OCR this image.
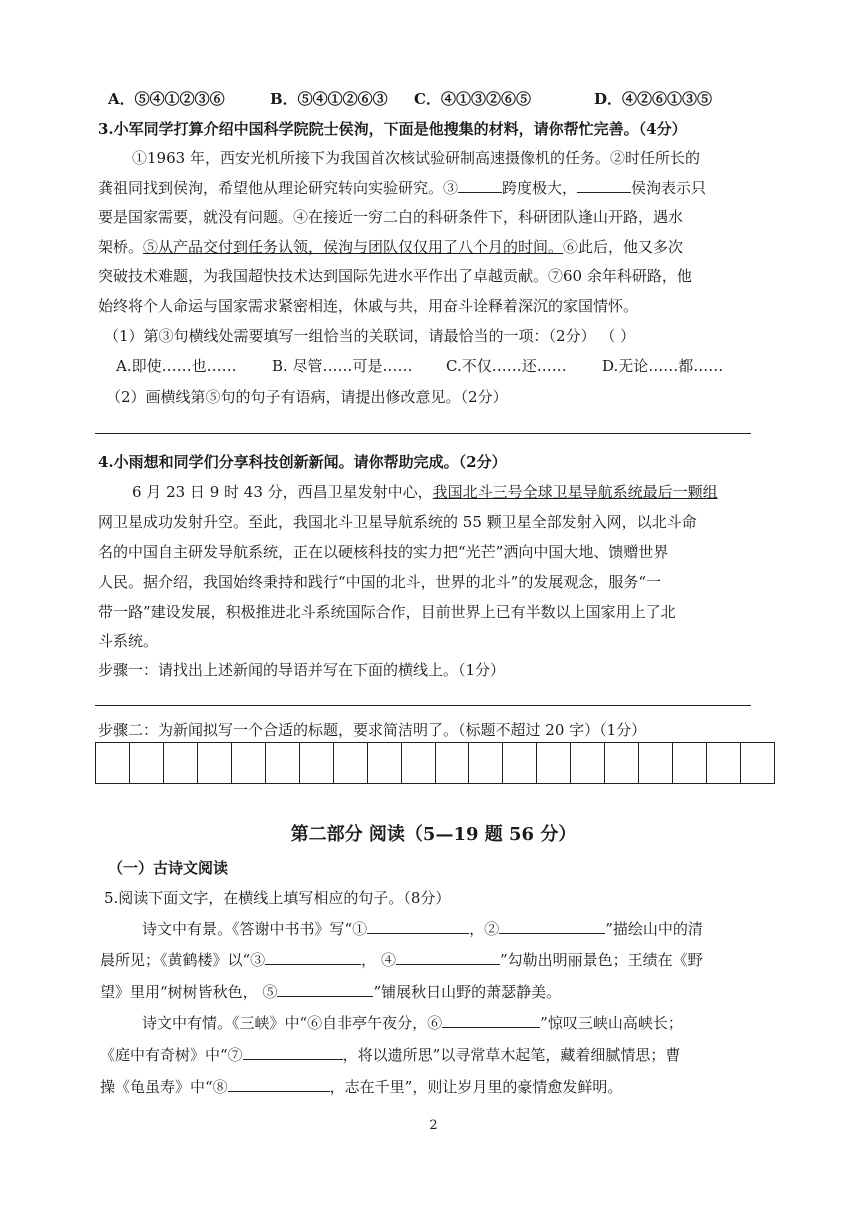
A．⑤④①②③⑥	B．⑤④①②⑥③ C．④①③②⑥⑤	D．④②⑥①③⑤
3.小军同学打算介绍中国科学院院士侯洵，下面是他搜集的材料，请你帮忙完善。（4分）
①1963 年，西安光机所接下为我国首次核试验研制高速摄像机的任务。②时任所长的
龚祖同找到侯洵，希望他从理论研究转向实验研究。③	跨度极大，	侯洵表示只
要是国家需要，就没有问题。④在接近一穷二白的科研条件下，科研团队逢山开路，遇水
架桥。⑤从产品交付到任务认领，侯洵与团队仅仅用了八个月的时间。⑥此后，他又多次
突破技术难题，为我国超快技术达到国际先进水平作出了卓越贡献。⑦60 余年科研路，他
始终将个人命运与国家需求紧密相连，休戚与共，用奋斗诠释着深沉的家国情怀。
（1）第③句横线处需要填写一组恰当的关联词，请最恰当的一项：（2分） （ ）
A.即使……也…… B. 尽管……可是…… C.不仅……还…… D.无论……都……
（2）画横线第⑤句的句子有语病，请提出修改意见。（2分）
4.小雨想和同学们分享科技创新新闻。请你帮助完成。（2分）
6 月 23 日 9 时 43 分，西昌卫星发射中心，我国北斗三号全球卫星导航系统最后一颗组
网卫星成功发射升空。至此，我国北斗卫星导航系统的 55 颗卫星全部发射入网，以北斗命
名的中国自主研发导航系统，正在以硬核科技的实力把“光芒”洒向中国大地、馈赠世界
人民。据介绍，我国始终秉持和践行“中国的北斗，世界的北斗”的发展观念，服务“一
带一路”建设发展，积极推进北斗系统国际合作，目前世界上已有半数以上国家用上了北
斗系统。
步骤一：请找出上述新闻的导语并写在下面的横线上。（1分）
步骤二：为新闻拟写一个合适的标题，要求简洁明了。（标题不超过 20 字）（1分）
第二部分 阅读（5—19 题 56 分）
（一）古诗文阅读
5.阅读下面文字，在横线上填写相应的句子。（8分）
诗文中有景。《答谢中书书》写“①	，②	”描绘山中的清
晨所见；《黄鹤楼》以“③	， ④	”勾勒出明丽景色；王绩在《野
望》里用“树树皆秋色， ⑤	”铺展秋日山野的萧瑟静美。
诗文中有情。《三峡》中“⑥自非亭午夜分，⑥	”惊叹三峡山高峡长；
《庭中有奇树》中“⑦	，将以遗所思”以寻常草木起笔，藏着细腻情思；曹
操《龟虽寿》中“⑧	，志在千里”，则让岁月里的豪情愈发鲜明。
2
